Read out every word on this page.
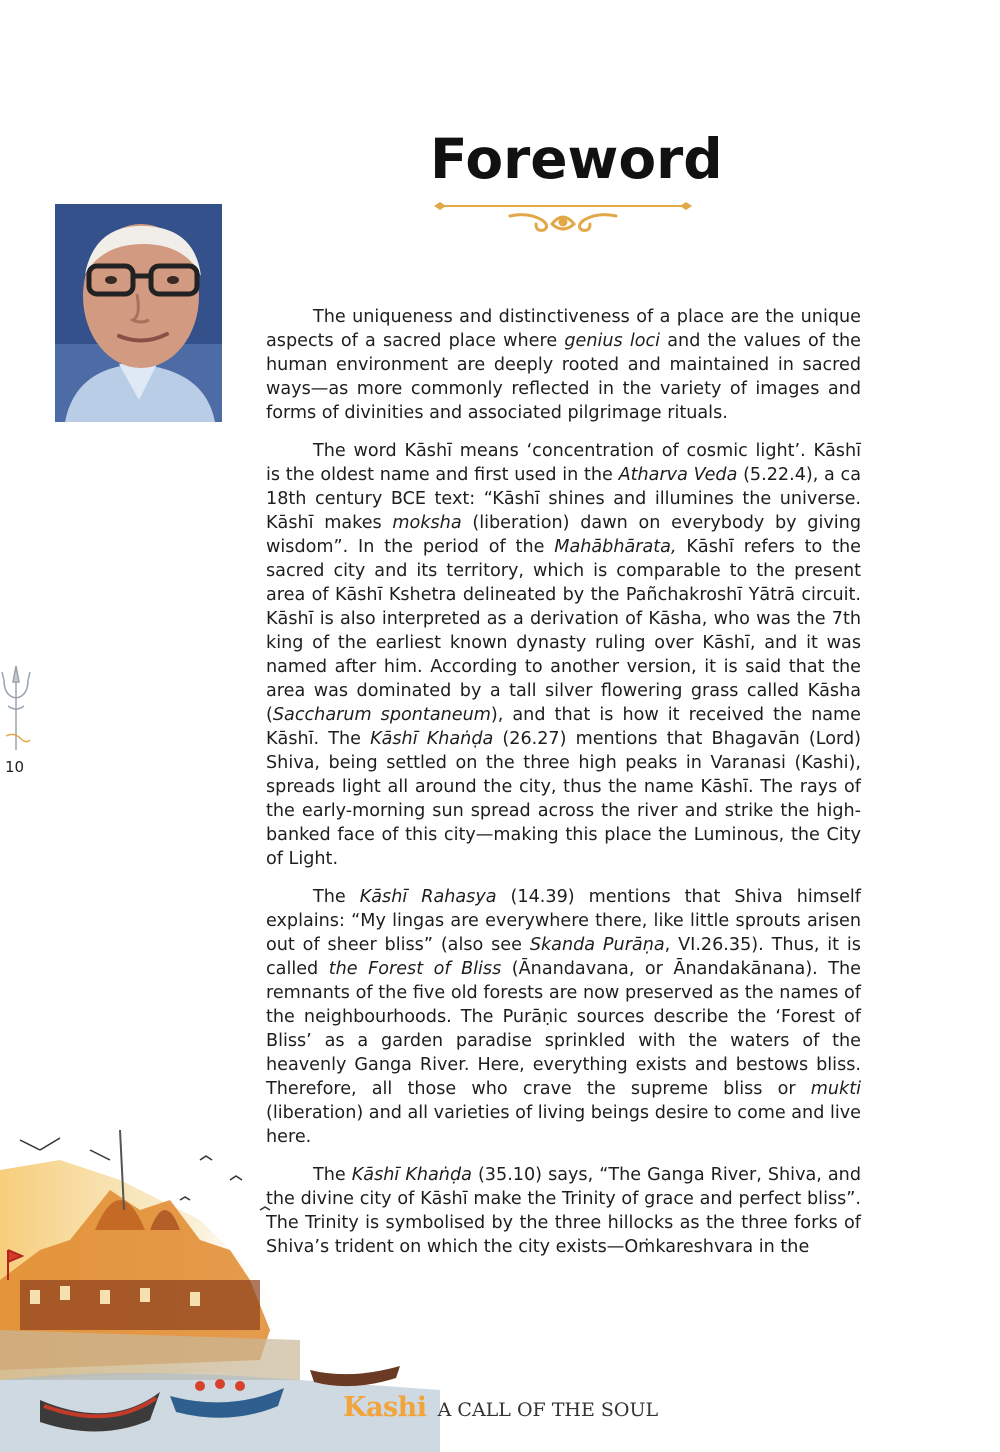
Foreword

The uniqueness and distinctiveness of a place are the unique aspects of a sacred place where genius loci and the values of the human environment are deeply rooted and maintained in sacred ways—as more commonly reflected in the variety of images and forms of divinities and associated pilgrimage rituals.

The word Kāshī means ‘concentration of cosmic light’. Kāshī is the oldest name and first used in the Atharva Veda (5.22.4), a ca 18th century BCE text: “Kāshī shines and illumines the universe. Kāshī makes moksha (liberation) dawn on everybody by giving wisdom”. In the period of the Mahābhārata, Kāshī refers to the sacred city and its territory, which is comparable to the present area of Kāshī Kshetra delineated by the Pañchakroshī Yātrā circuit. Kāshī is also interpreted as a derivation of Kāsha, who was the 7th king of the earliest known dynasty ruling over Kāshī, and it was named after him. According to another version, it is said that the area was dominated by a tall silver flowering grass called Kāsha (Saccharum spontaneum), and that is how it received the name Kāshī. The Kāshī Khaṅḍa (26.27) mentions that Bhagavān (Lord) Shiva, being settled on the three high peaks in Varanasi (Kashi), spreads light all around the city, thus the name Kāshī. The rays of the early-morning sun spread across the river and strike the high-banked face of this city—making this place the Luminous, the City of Light.

The Kāshī Rahasya (14.39) mentions that Shiva himself explains: “My lingas are everywhere there, like little sprouts arisen out of sheer bliss” (also see Skanda Purāṇa, VI.26.35). Thus, it is called the Forest of Bliss (Ānandavana, or Ānandakānana). The remnants of the five old forests are now preserved as the names of the neighbourhoods. The Purāṇic sources describe the ‘Forest of Bliss’ as a garden paradise sprinkled with the waters of the heavenly Ganga River. Here, everything exists and bestows bliss. Therefore, all those who crave the supreme bliss or mukti (liberation) and all varieties of living beings desire to come and live here.

The Kāshī Khaṅḍa (35.10) says, “The Ganga River, Shiva, and the divine city of Kāshī make the Trinity of grace and perfect bliss”. The Trinity is symbolised by the three hillocks as the three forks of Shiva’s trident on which the city exists—Oṁkareshvara in the

10
Kashi A CALL OF THE SOUL
